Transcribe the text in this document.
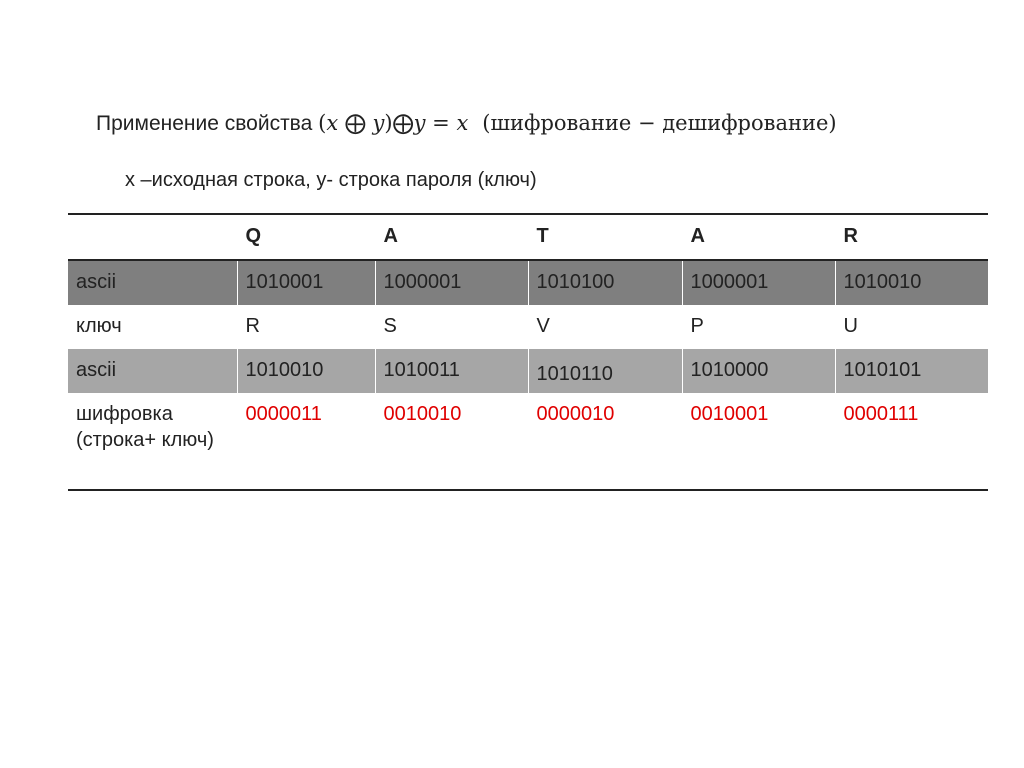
Применение свойства (x ⨁ y)⨁y = x (шифрование − дешифрование)
x –исходная строка, y- строка пароля (ключ)
	Q	A	T	A	R
ascii	1010001	1000001	1010100	1000001	1010010
ключ	R	S	V	P	U
ascii	1010010	1010011	1010110	1010000	1010101
шифровка (строка+ ключ)	0000011	0010010	0000010	0010001	0000111
